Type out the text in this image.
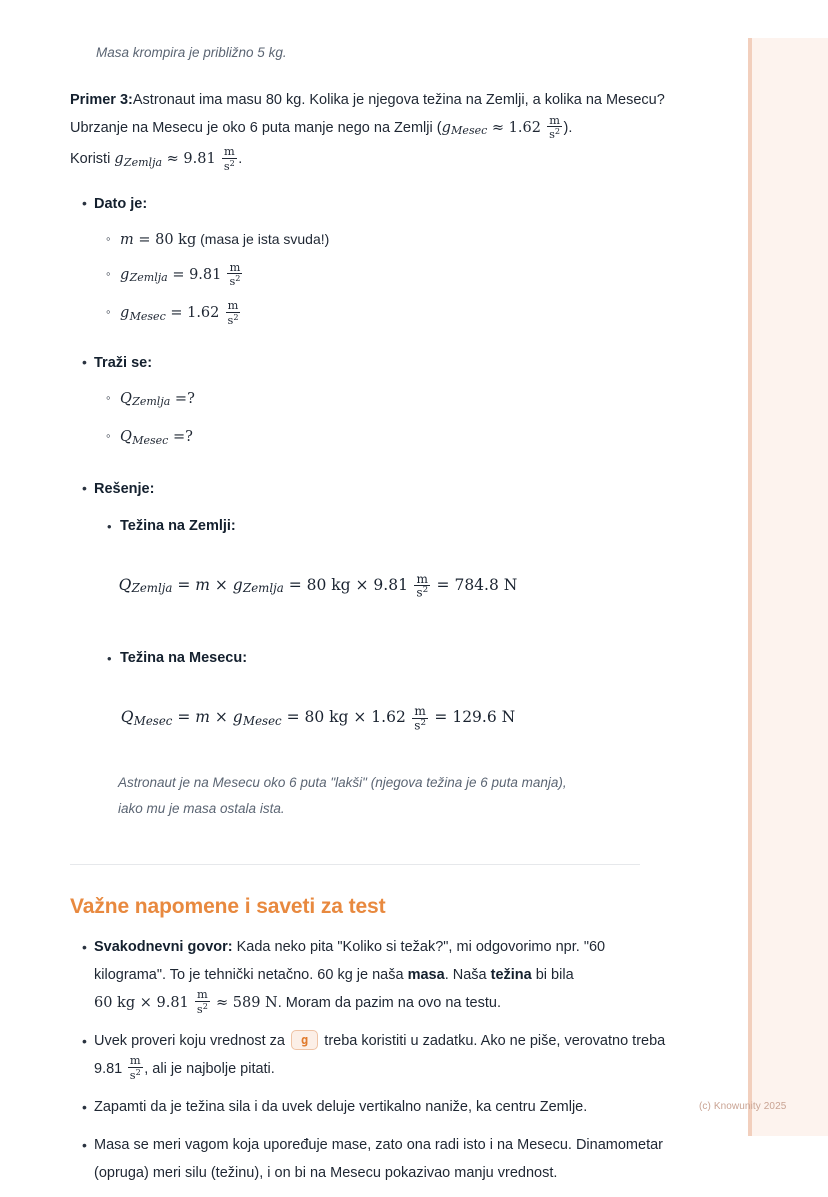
(c) Knowunity 2025

Masa krompira je približno 5 kg.

Primer 3:Astronaut ima masu 80 kg. Kolika je njegova težina na Zemlji, a kolika na Mesecu? Ubrzanje na Mesecu je oko 6 puta manje nego na Zemlji ($g_{Mesec} \approx 1.62 \frac{m}{s^2}$ ). Koristi $g_{Zemlja} \approx 9.81 \frac{m}{s^2}$ .

• Dato je:
◦ m = 80 kg (masa je ista svuda!)
◦ $g_{Zemlja} = 9.81 \frac{m}{s^2}$
◦ $g_{Mesec} = 1.62 \frac{m}{s^2}$
• Traži se:
◦ $Q_{Zemlja}$ =?
◦ $Q_{Mesec}$ =?
• Rešenje:
• Težina na Zemlji:
$Q_{Zemlja} = m \times g_{Zemlja} = 80$ kg × $9.81 \frac{m}{s^2} = 784.8$ N
• Težina na Mesecu:
$Q_{Mesec} = m \times g_{Mesec} = 80$ kg × $1.62 \frac{m}{s^2} = 129.6$ N

Astronaut je na Mesecu oko 6 puta "lakši" (njegova težina je 6 puta manja), iako mu je masa ostala ista.

Važne napomene i saveti za test
• Svakodnevni govor: Kada neko pita "Koliko si težak?", mi odgovorimo npr. "60 kilograma". To je tehnički netačno. 60 kg je naša masa. Naša težina bi bila 60 kg × $9.81 \frac{m}{s^2} \approx 589$ N. Moram da pazim na ovo na testu.
• Uvek proveri koju vrednost za g treba koristiti u zadatku. Ako ne piše, verovatno treba $9.81 \frac{m}{s^2}$ , ali je najbolje pitati.
• Zapamti da je težina sila i da uvek deluje vertikalno naniže, ka centru Zemlje.
• Masa se meri vagom koja upoređuje mase, zato ona radi isto i na Mesecu. Dinamometar (opruga) meri silu (težinu), i on bi na Mesecu pokazivao manju vrednost.
